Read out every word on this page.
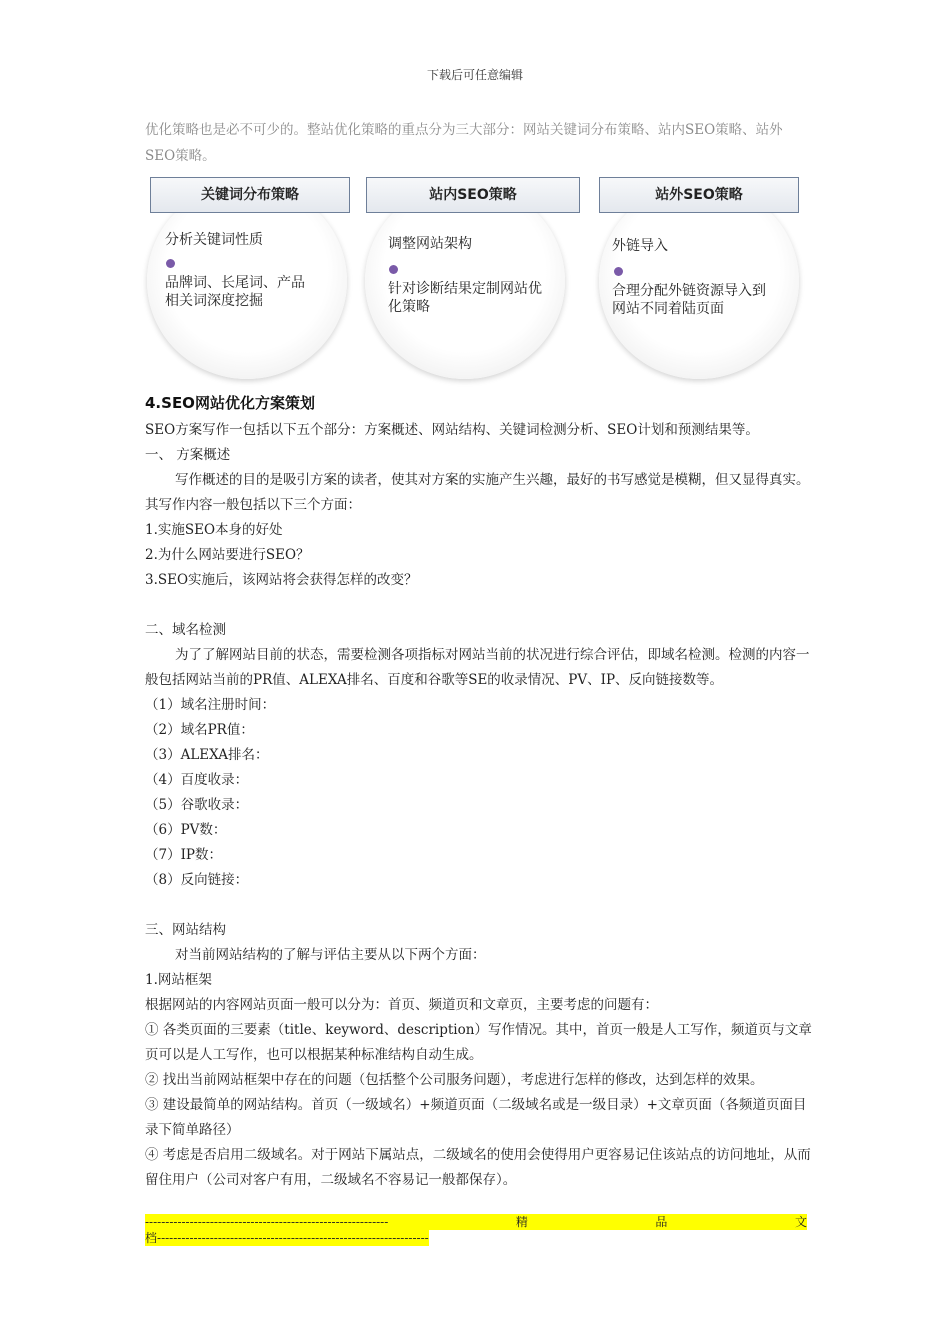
下载后可任意编辑
优化策略也是必不可少的。整站优化策略的重点分为三大部分：网站关键词分布策略、站内SEO策略、站外SEO策略。
关键词分布策略
分析关键词性质
品牌词、长尾词、产品
相关词深度挖掘
站内SEO策略
调整网站架构
针对诊断结果定制网站优
化策略
站外SEO策略
外链导入
合理分配外链资源导入到
网站不同着陆页面
4.SEO网站优化方案策划
SEO方案写作一包括以下五个部分：方案概述、网站结构、关键词检测分析、SEO计划和预测结果等。
一、 方案概述
写作概述的目的是吸引方案的读者，使其对方案的实施产生兴趣，最好的书写感觉是模糊，但又显得真实。
其写作内容一般包括以下三个方面：
1.实施SEO本身的好处
2.为什么网站要进行SEO？
3.SEO实施后，该网站将会获得怎样的改变？
二、域名检测
为了了解网站目前的状态，需要检测各项指标对网站当前的状况进行综合评估，即域名检测。检测的内容一般包括网站当前的PR值、ALEXA排名、百度和谷歌等SE的收录情况、PV、IP、反向链接数等。
（1）域名注册时间：
（2）域名PR值：
（3）ALEXA排名：
（4）百度收录：
（5）谷歌收录：
（6）PV数：
（7）IP数：
（8）反向链接：
三、网站结构
对当前网站结构的了解与评估主要从以下两个方面：
1.网站框架
根据网站的内容网站页面一般可以分为：首页、频道页和文章页，主要考虑的问题有：
① 各类页面的三要素（title、keyword、description）写作情况。其中，首页一般是人工写作，频道页与文章页可以是人工写作，也可以根据某种标准结构自动生成。
② 找出当前网站框架中存在的问题（包括整个公司服务问题），考虑进行怎样的修改，达到怎样的效果。
③ 建设最简单的网站结构。首页（一级域名）+频道页面（二级域名或是一级目录）+文章页面（各频道页面目录下简单路径）
④ 考虑是否启用二级域名。对于网站下属站点，二级域名的使用会使得用户更容易记住该站点的访问地址，从而留住用户（公司对客户有用，二级域名不容易记一般都保存）。
------------------------------------------------------------	精	品	文
档-------------------------------------------------------------------
